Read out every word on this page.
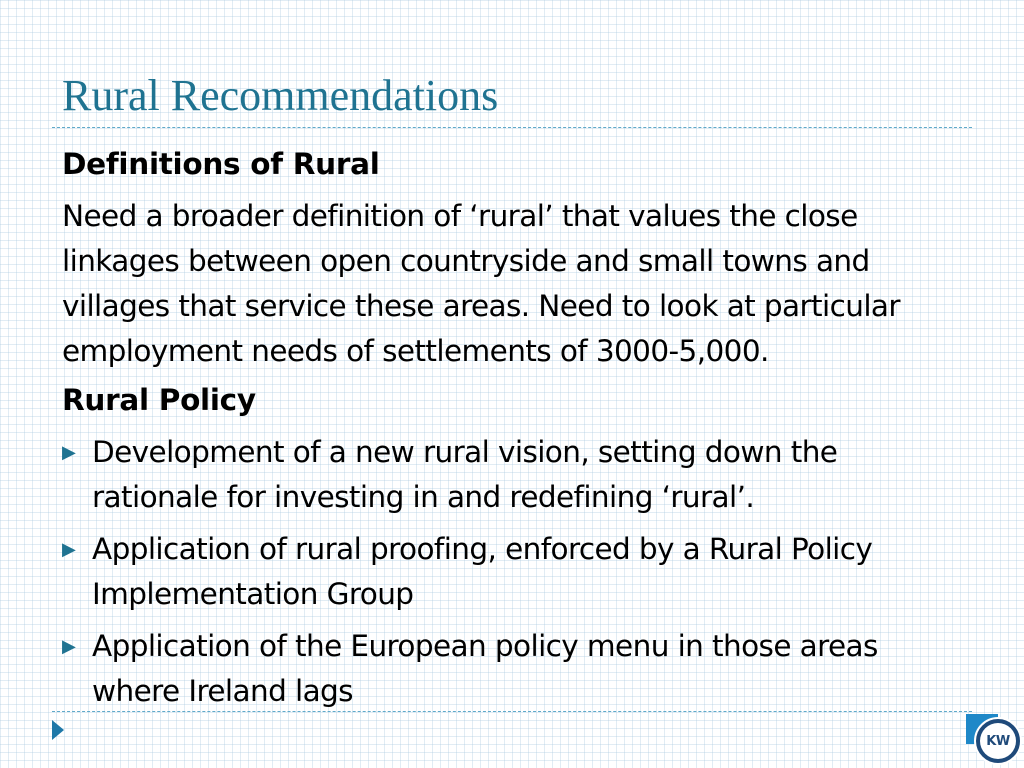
Rural Recommendations

Definitions of Rural

Need a broader definition of ‘rural’ that values the close linkages between open countryside and small towns and villages that service these areas. Need to look at particular employment needs of settlements of 3000-5,000.

Rural Policy

▶ Development of a new rural vision, setting down the rationale for investing in and redefining ‘rural’.
▶ Application of rural proofing, enforced by a Rural Policy Implementation Group
▶ Application of the European policy menu in those areas where Ireland lags
KW
